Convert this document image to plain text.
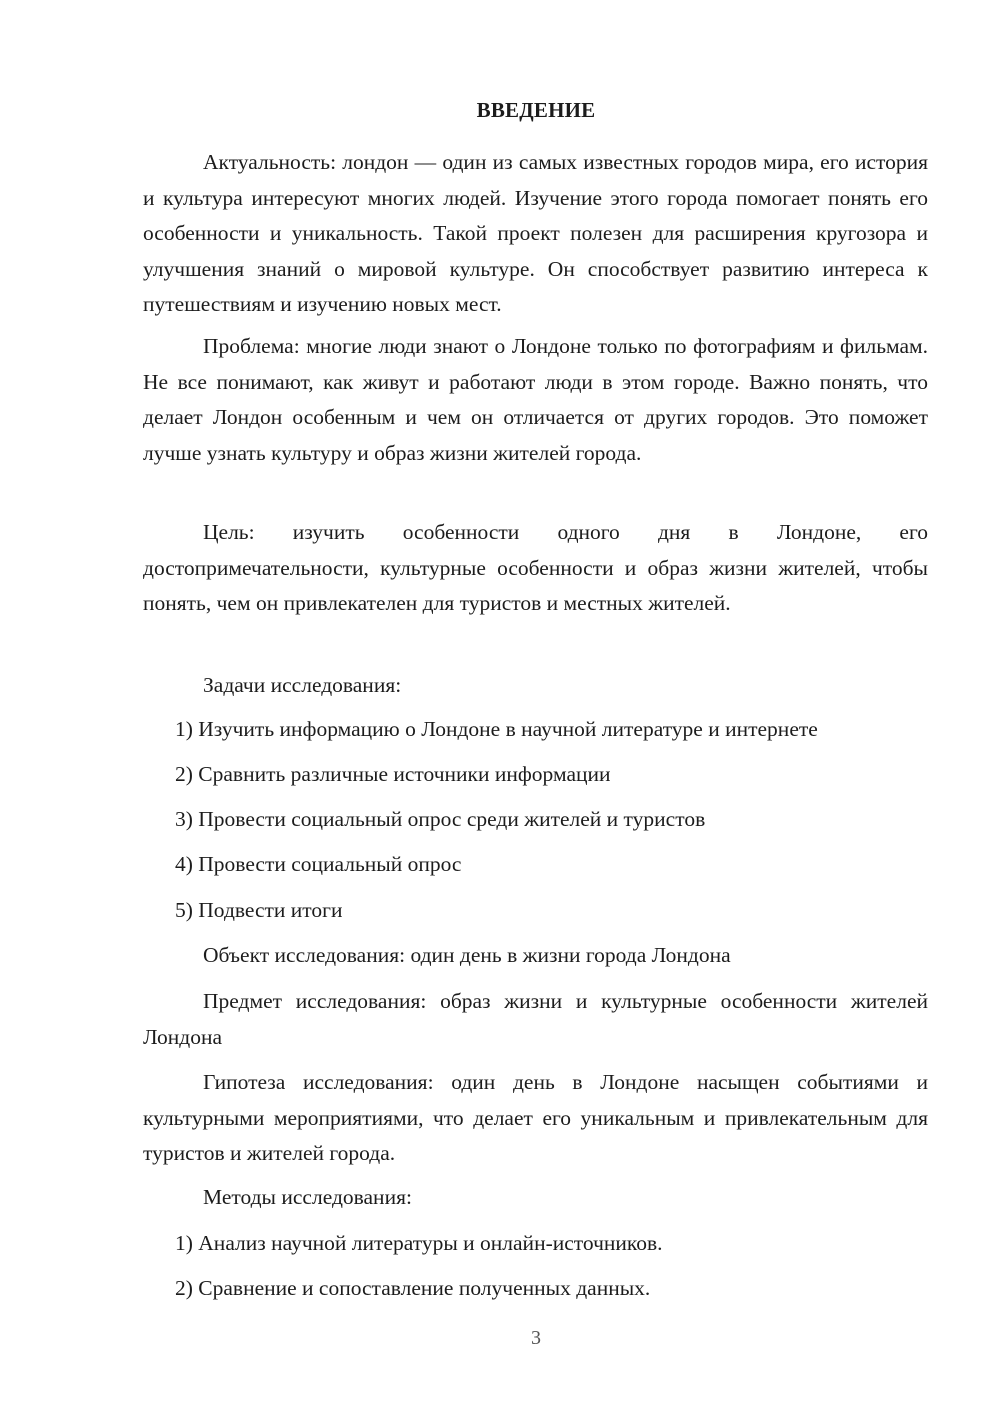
ВВЕДЕНИЕ

Актуальность: лондон — один из самых известных городов мира, его история и культура интересуют многих людей. Изучение этого города помогает понять его особенности и уникальность. Такой проект полезен для расширения кругозора и улучшения знаний о мировой культуре. Он способствует развитию интереса к путешествиям и изучению новых мест.

Проблема: многие люди знают о Лондоне только по фотографиям и фильмам. Не все понимают, как живут и работают люди в этом городе. Важно понять, что делает Лондон особенным и чем он отличается от других городов. Это поможет лучше узнать культуру и образ жизни жителей города.

Цель: изучить особенности одного дня в Лондоне, его достопримечательности, культурные особенности и образ жизни жителей, чтобы понять, чем он привлекателен для туристов и местных жителей.

Задачи исследования:

1) Изучить информацию о Лондоне в научной литературе и интернете
2) Сравнить различные источники информации
3) Провести социальный опрос среди жителей и туристов
4) Провести социальный опрос
5) Подвести итоги

Объект исследования: один день в жизни города Лондона

Предмет исследования: образ жизни и культурные особенности жителей Лондона

Гипотеза исследования: один день в Лондоне насыщен событиями и культурными мероприятиями, что делает его уникальным и привлекательным для туристов и жителей города.

Методы исследования:

1) Анализ научной литературы и онлайн-источников.
2) Сравнение и сопоставление полученных данных.
3
